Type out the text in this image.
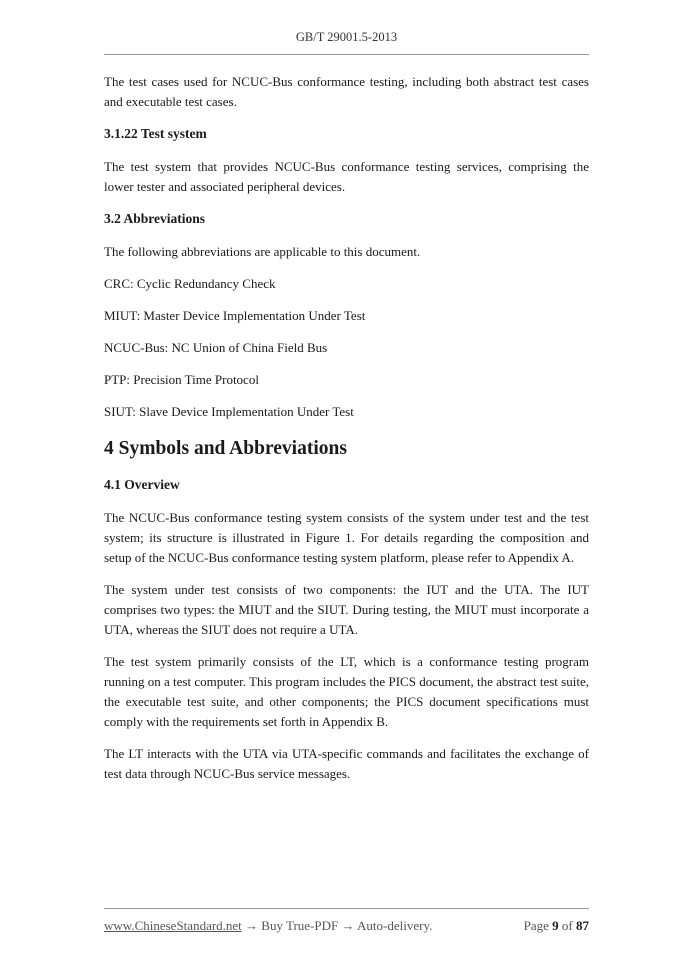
GB/T 29001.5-2013

The test cases used for NCUC-Bus conformance testing, including both abstract test cases and executable test cases.

3.1.22 Test system

The test system that provides NCUC-Bus conformance testing services, comprising the lower tester and associated peripheral devices.

3.2 Abbreviations

The following abbreviations are applicable to this document.

CRC: Cyclic Redundancy Check

MIUT: Master Device Implementation Under Test

NCUC-Bus: NC Union of China Field Bus

PTP: Precision Time Protocol

SIUT: Slave Device Implementation Under Test

4 Symbols and Abbreviations
4.1 Overview

The NCUC-Bus conformance testing system consists of the system under test and the test system; its structure is illustrated in Figure 1. For details regarding the composition and setup of the NCUC-Bus conformance testing system platform, please refer to Appendix A.

The system under test consists of two components: the IUT and the UTA. The IUT comprises two types: the MIUT and the SIUT. During testing, the MIUT must incorporate a UTA, whereas the SIUT does not require a UTA.

The test system primarily consists of the LT, which is a conformance testing program running on a test computer. This program includes the PICS document, the abstract test suite, the executable test suite, and other components; the PICS document specifications must comply with the requirements set forth in Appendix B.

The LT interacts with the UTA via UTA-specific commands and facilitates the exchange of test data through NCUC-Bus service messages.

www.ChineseStandard.net → Buy True-PDF → Auto-delivery.	Page 9 of 87
